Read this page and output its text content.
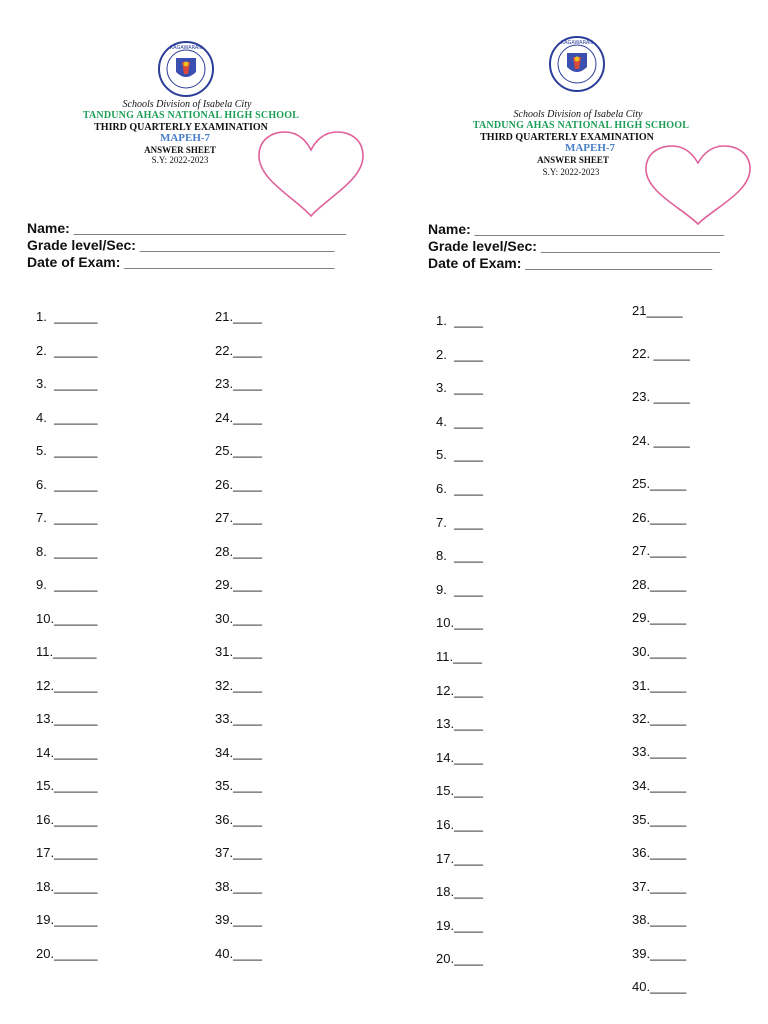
KAGAWARAN
Schools Division of Isabela City
TANDUNG AHAS NATIONAL HIGH SCHOOL
THIRD QUARTERLY EXAMINATION
MAPEH-7
ANSWER SHEET
S.Y: 2022-2023
Name: ___________________________________
Grade level/Sec: _________________________
Date of Exam: ___________________________
1.  ______
2.  ______
3.  ______
4.  ______
5.  ______
6.  ______
7.  ______
8.  ______
9.  ______
10.______
11.______
12.______
13.______
14.______
15.______
16.______
17.______
18.______
19.______
20.______
21.____
22.____
23.____
24.____
25.____
26.____
27.____
28.____
29.____
30.____
31.____
32.____
33.____
34.____
35.____
36.____
37.____
38.____
39.____
40.____
KAGAWARAN
Schools Division of Isabela City
TANDUNG AHAS NATIONAL HIGH SCHOOL
THIRD QUARTERLY EXAMINATION
MAPEH-7
ANSWER SHEET
S.Y: 2022-2023
Name: ________________________________
Grade level/Sec: _______________________
Date of Exam: ________________________
1.  ____
2.  ____
3.  ____
4.  ____
5.  ____
6.  ____
7.  ____
8.  ____
9.  ____
10.____
11.____
12.____
13.____
14.____
15.____
16.____
17.____
18.____
19.____
20.____
21_____
22. _____
23. _____
24. _____
25._____
26._____
27._____
28._____
29._____
30._____
31._____
32._____
33._____
34._____
35._____
36._____
37._____
38._____
39._____
40._____
